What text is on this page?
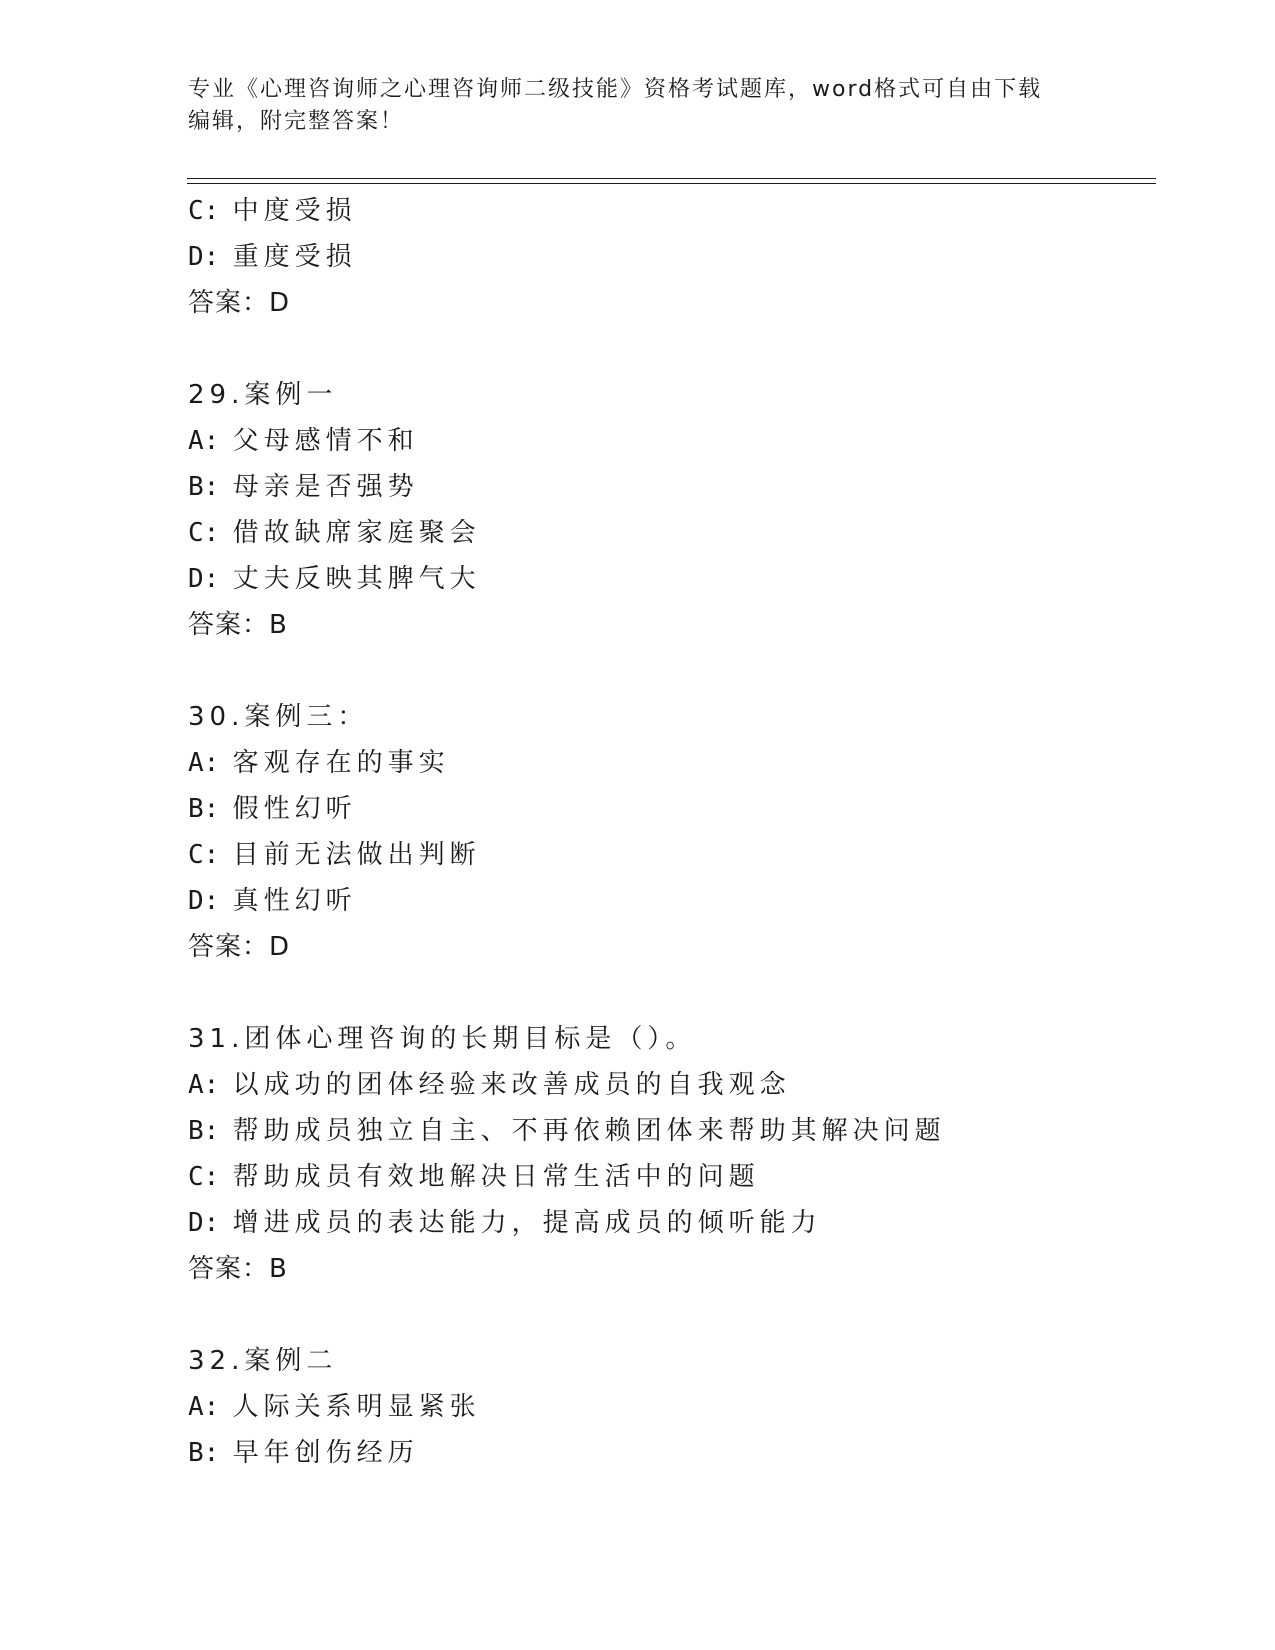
专业《心理咨询师之心理咨询师二级技能》资格考试题库，word格式可自由下载
编辑，附完整答案！
C: 中度受损
D: 重度受损
答案：D
29.案例一
A: 父母感情不和
B: 母亲是否强势
C: 借故缺席家庭聚会
D: 丈夫反映其脾气大
答案：B
30.案例三：
A: 客观存在的事实
B: 假性幻听
C: 目前无法做出判断
D: 真性幻听
答案：D
31.团体心理咨询的长期目标是（）。
A: 以成功的团体经验来改善成员的自我观念
B: 帮助成员独立自主、不再依赖团体来帮助其解决问题
C: 帮助成员有效地解决日常生活中的问题
D: 增进成员的表达能力，提高成员的倾听能力
答案：B
32.案例二
A: 人际关系明显紧张
B: 早年创伤经历
